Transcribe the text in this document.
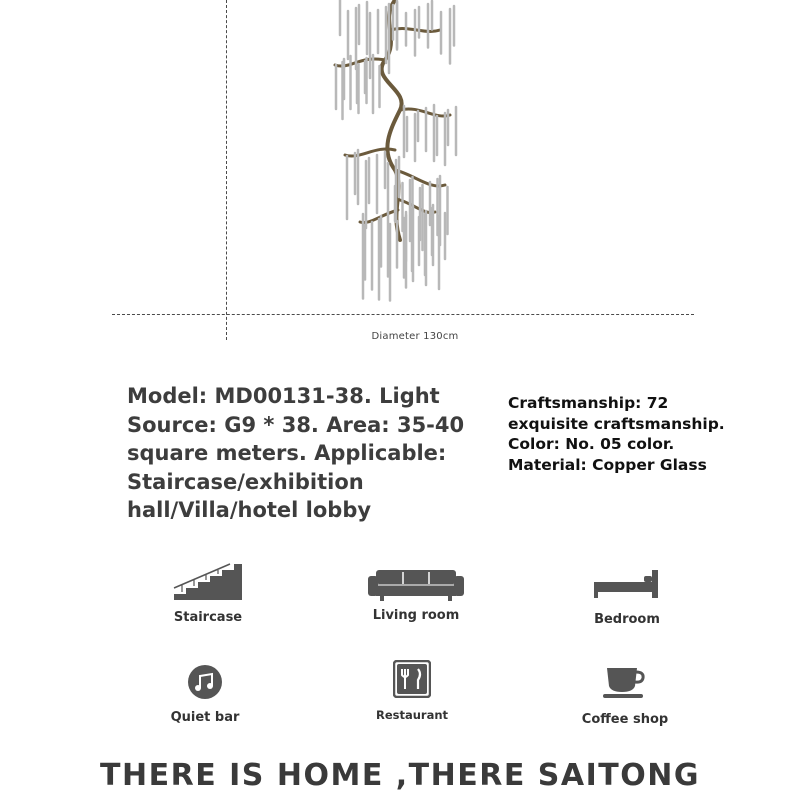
Diameter 130cm
Model: MD00131-38. Light Source: G9 * 38. Area: 35-40 square meters. Applicable: Staircase/exhibition hall/Villa/hotel lobby
Craftsmanship: 72
exquisite craftsmanship.
Color: No. 05 color.
Material: Copper Glass
Staircase	Living room	Bedroom
Quiet bar	Restaurant	Coffee shop
THERE IS HOME ,THERE SAITONG
